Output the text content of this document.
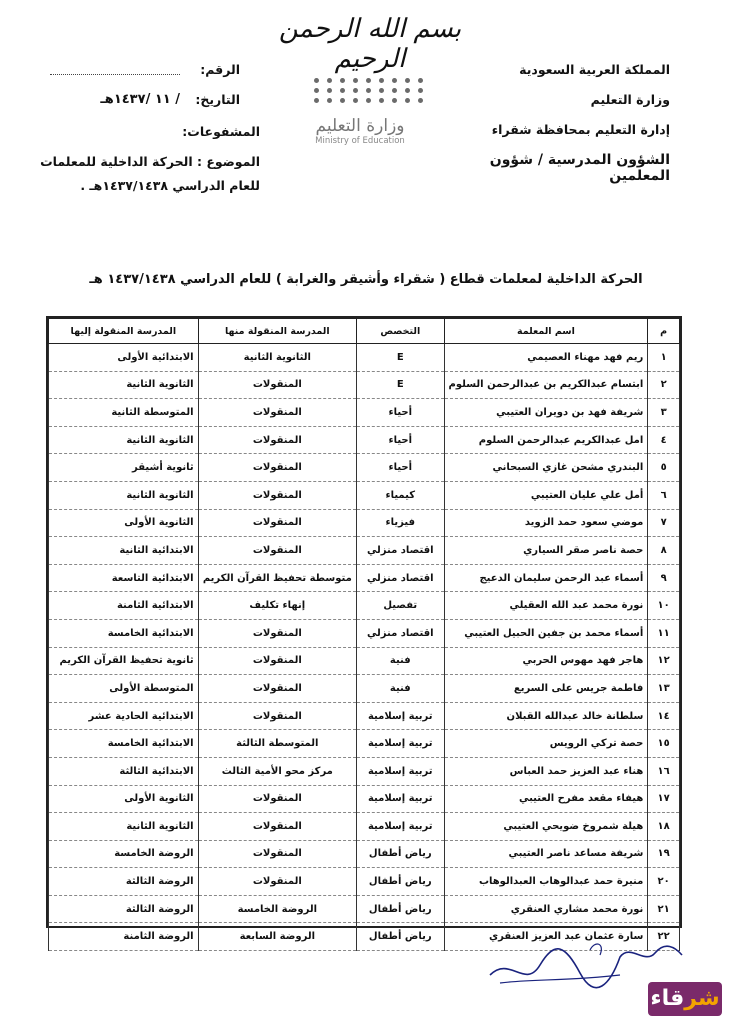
بسم الله الرحمن الرحيم	المملكة العربية السعودية
وزارة التعليم
إدارة التعليم بمحافظة شقراء
الشؤون المدرسية / شؤون المعلمين
الرقم:
التاريخ:
/ ١١ /١٤٣٧هـ
المشفوعات:
الموضوع : الحركة الداخلية للمعلمات
للعام الدراسي ١٤٣٧/١٤٣٨هـ .
وزارة التعليم
Ministry of Education
الحركة الداخلية لمعلمات قطاع ( شقراء وأشيقر والغرابة ) للعام الدراسي ١٤٣٧/١٤٣٨ هـ
م	اسم المعلمة	التخصص	المدرسة المنقولة منها	المدرسة المنقولة إليها
١	ريم فهد مهناء العصيمي	E	الثانوية الثانية	الابتدائية الأولى
٢	ابتسام عبدالكريم بن عبدالرحمن السلوم	E	المنقولات	الثانوية الثانية
٣	شريفة فهد بن دويران العتيبي	أحياء	المنقولات	المتوسطة الثانية
٤	امل عبدالكريم عبدالرحمن السلوم	أحياء	المنقولات	الثانوية الثانية
٥	البندري مشحن غازي السبحاني	أحياء	المنقولات	ثانوية أشيقر
٦	أمل علي عليان العتيبي	كيمياء	المنقولات	الثانوية الثانية
٧	موضي سعود حمد الزويد	فيزياء	المنقولات	الثانوية الأولى
٨	حصة ناصر صقر السياري	اقتصاد منزلي	المنقولات	الابتدائية الثانية
٩	أسماء عبد الرحمن سليمان الدعيج	اقتصاد منزلي	متوسطة تحفيظ القرآن الكريم	الابتدائية التاسعة
١٠	نورة محمد عبد الله العقيلي	تفصيل	إنهاء تكليف	الابتدائية الثامنة
١١	أسماء محمد بن جفين الحبيل العتيبي	اقتصاد منزلي	المنقولات	الابتدائية الخامسة
١٢	هاجر فهد مهوس الحربي	فنية	المنقولات	ثانوية تحفيظ القرآن الكريم
١٣	فاطمة جريس على السريع	فنية	المنقولات	المتوسطة الأولى
١٤	سلطانة خالد عبدالله القبلان	تربية إسلامية	المنقولات	الابتدائية الحادية عشر
١٥	حصة تركي الرويس	تربية إسلامية	المتوسطة الثالثة	الابتدائية الخامسة
١٦	هناء عبد العزيز حمد العباس	تربية إسلامية	مركز محو الأمية الثالث	الابتدائية الثالثة
١٧	هيفاء مقعد مفرح العتيبي	تربية إسلامية	المنقولات	الثانوية الأولى
١٨	هيلة شمروخ ضويحي العتيبي	تربية إسلامية	المنقولات	الثانوية الثانية
١٩	شريفة مساعد ناصر العتيبي	رياض أطفال	المنقولات	الروضة الخامسة
٢٠	منيرة حمد عبدالوهاب العبدالوهاب	رياض أطفال	المنقولات	الروضة الثالثة
٢١	نورة محمد مشاري العنقري	رياض أطفال	الروضة الخامسة	الروضة الثالثة
٢٢	سارة عثمان عبد العزيز العنقري	رياض أطفال	الروضة السابعة	الروضة الثامنة
شرقاء
